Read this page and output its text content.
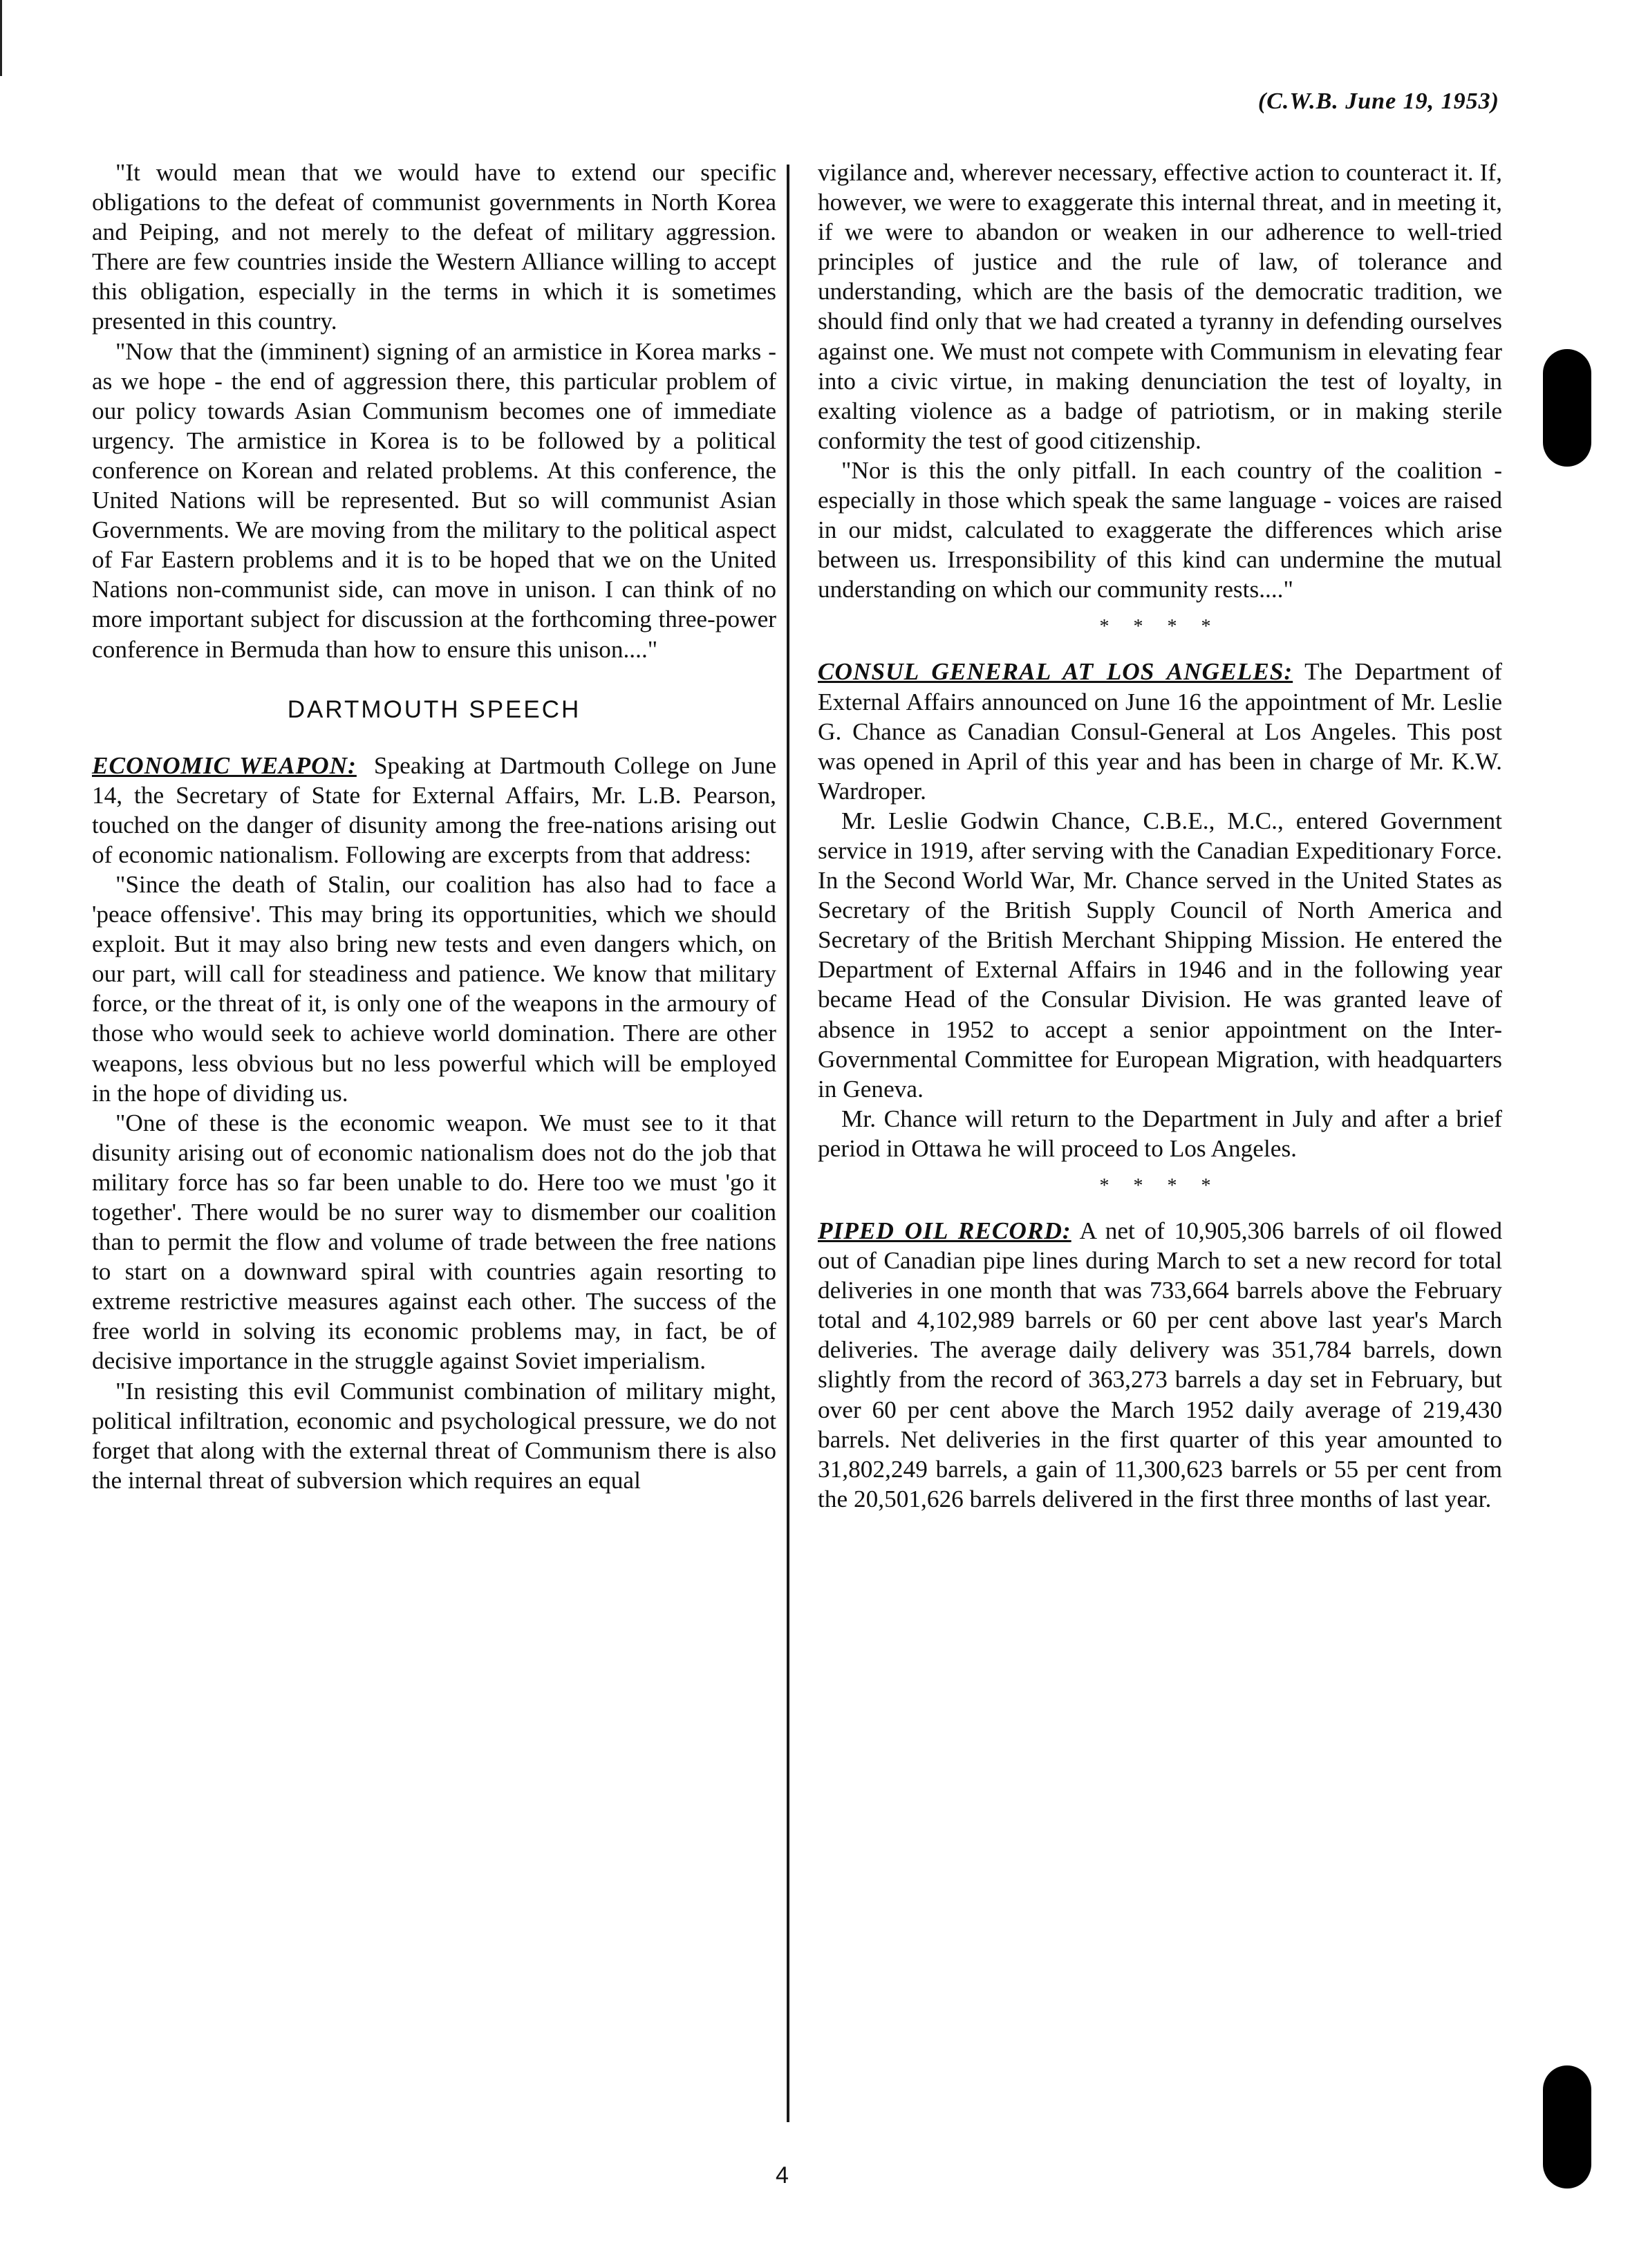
(C.W.B. June 19, 1953)

"It would mean that we would have to extend our specific obligations to the defeat of communist governments in North Korea and Peiping, and not merely to the defeat of military aggression. There are few countries inside the Western Alliance willing to accept this obligation, especially in the terms in which it is sometimes presented in this country.

"Now that the (imminent) signing of an armistice in Korea marks - as we hope - the end of aggression there, this particular problem of our policy towards Asian Communism becomes one of immediate urgency. The armistice in Korea is to be followed by a political conference on Korean and related problems. At this conference, the United Nations will be represented. But so will communist Asian Governments. We are moving from the military to the political aspect of Far Eastern problems and it is to be hoped that we on the United Nations non-communist side, can move in unison. I can think of no more important subject for discussion at the forthcoming three-power conference in Bermuda than how to ensure this unison...."

DARTMOUTH SPEECH

ECONOMIC WEAPON: Speaking at Dartmouth College on June 14, the Secretary of State for External Affairs, Mr. L.B. Pearson, touched on the danger of disunity among the free-nations arising out of economic nationalism. Following are excerpts from that address:

"Since the death of Stalin, our coalition has also had to face a 'peace offensive'. This may bring its opportunities, which we should exploit. But it may also bring new tests and even dangers which, on our part, will call for steadiness and patience. We know that military force, or the threat of it, is only one of the weapons in the armoury of those who would seek to achieve world domination. There are other weapons, less obvious but no less powerful which will be employed in the hope of dividing us.

"One of these is the economic weapon. We must see to it that disunity arising out of economic nationalism does not do the job that military force has so far been unable to do. Here too we must 'go it together'. There would be no surer way to dismember our coalition than to permit the flow and volume of trade between the free nations to start on a downward spiral with countries again resorting to extreme restrictive measures against each other. The success of the free world in solving its economic problems may, in fact, be of decisive importance in the struggle against Soviet imperialism.

"In resisting this evil Communist combination of military might, political infiltration, economic and psychological pressure, we do not forget that along with the external threat of Communism there is also the internal threat of subversion which requires an equal

vigilance and, wherever necessary, effective action to counteract it. If, however, we were to exaggerate this internal threat, and in meeting it, if we were to abandon or weaken in our adherence to well-tried principles of justice and the rule of law, of tolerance and understanding, which are the basis of the democratic tradition, we should find only that we had created a tyranny in defending ourselves against one. We must not compete with Communism in elevating fear into a civic virtue, in making denunciation the test of loyalty, in exalting violence as a badge of patriotism, or in making sterile conformity the test of good citizenship.

"Nor is this the only pitfall. In each country of the coalition - especially in those which speak the same language - voices are raised in our midst, calculated to exaggerate the differences which arise between us. Irresponsibility of this kind can undermine the mutual understanding on which our community rests...."

* * * *

CONSUL GENERAL AT LOS ANGELES: The Department of External Affairs announced on June 16 the appointment of Mr. Leslie G. Chance as Canadian Consul-General at Los Angeles. This post was opened in April of this year and has been in charge of Mr. K.W. Wardroper.

Mr. Leslie Godwin Chance, C.B.E., M.C., entered Government service in 1919, after serving with the Canadian Expeditionary Force. In the Second World War, Mr. Chance served in the United States as Secretary of the British Supply Council of North America and Secretary of the British Merchant Shipping Mission. He entered the Department of External Affairs in 1946 and in the following year became Head of the Consular Division. He was granted leave of absence in 1952 to accept a senior appointment on the Inter-Governmental Committee for European Migration, with headquarters in Geneva.

Mr. Chance will return to the Department in July and after a brief period in Ottawa he will proceed to Los Angeles.

* * * *

PIPED OIL RECORD: A net of 10,905,306 barrels of oil flowed out of Canadian pipe lines during March to set a new record for total deliveries in one month that was 733,664 barrels above the February total and 4,102,989 barrels or 60 per cent above last year's March deliveries. The average daily delivery was 351,784 barrels, down slightly from the record of 363,273 barrels a day set in February, but over 60 per cent above the March 1952 daily average of 219,430 barrels. Net deliveries in the first quarter of this year amounted to 31,802,249 barrels, a gain of 11,300,623 barrels or 55 per cent from the 20,501,626 barrels delivered in the first three months of last year.

4
